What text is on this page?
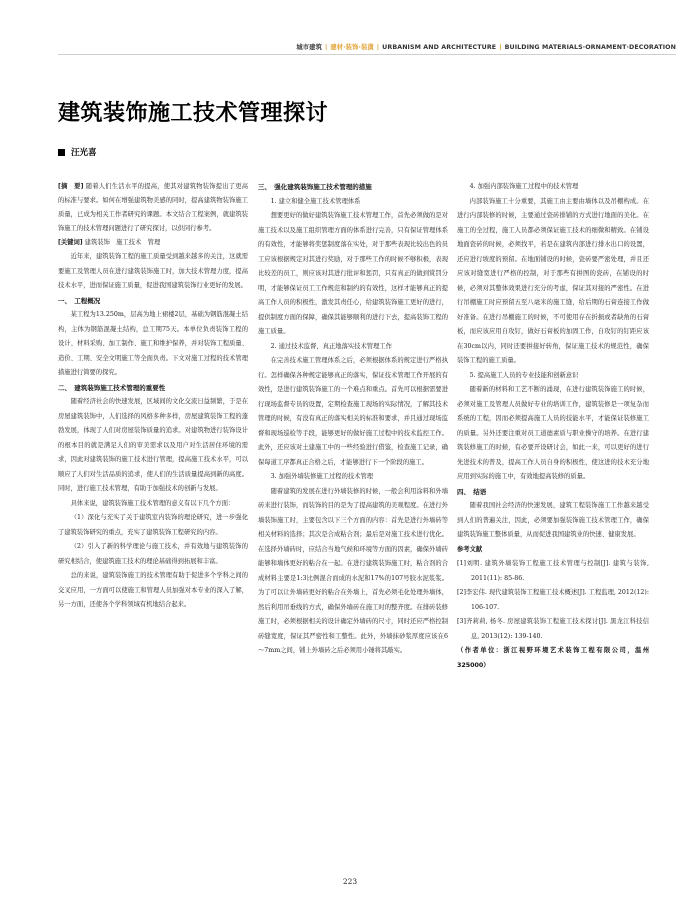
城市建筑 | 建材·装饰·装潢 | URBANISM AND ARCHITECTURE | BUILDING MATERIALS·ORNAMENT·DECORATION
建筑装饰施工技术管理探讨
汪光喜

[摘　要] 随着人们生活水平的提高，使其对建筑物装饰提出了更高的标准与要求。如何在增强建筑物美感的同时，提高建筑物装饰施工质量，已成为相关工作者研究的课题。本文结合工程案例，就建筑装饰施工的技术管理问题进行了研究探讨，以供同行参考。

[关键词] 建筑装饰　施工技术　管理

近年来，建筑装饰工程的施工质量受到越来越多的关注，这就需要施工及管理人员在进行建筑装饰施工时，加大技术管理力度，提高技术水平，进而保证施工质量，促进我国建筑装饰行业更好的发展。

一、　工程概况

某工程为13.250m，层高为地上裙楼2层，基础为钢筋混凝土结构，主体为钢筋混凝土结构，总工期75天。本单位负责装饰工程的设计、材料采购、加工制作、施工和维护保养，并对装饰工程质量、造价、工期、安全文明施工等全面负责。下文对施工过程的技术管理措施进行简要的探究。

二、　建筑装饰施工技术管理的重要性

随着经济社会的快速发展，区域间的文化交流日益频繁，于是在房屋建筑装饰中，人们选择的风格多种多样，房屋建筑装饰工程的蓬勃发展，体现了人们对房屋装饰质量的追求。对建筑物进行装饰设计的根本目的就是满足人们的审美需求以及用户对生活居住环境的需求，因此对建筑装饰的施工技术进行管理，提高施工技术水平，可以顺应了人们对生活品质的追求，使人们的生活质量提高到新的高度。同时，进行施工技术管理，有助于加强技术的创新与发展。

具体来说，建筑装饰施工技术管理的意义有以下几个方面：

（1）深化与充实了关于建筑室内装饰的理论研究，进一步强化了建筑装饰研究的重点，充实了建筑装饰工程研究的内容。

（2）引入了新的科学理论与施工技术，并有效地与建筑装饰的研究相结合，使建筑施工技术的理论基础得到拓展和丰富。

总的来说，建筑装饰施工的技术管理有助于促进多个学科之间的交叉应用，一方面可以使施工和管理人员加强对本专业的深入了解，另一方面，还使各个学科领域有机地结合起来。

三、　强化建筑装饰施工技术管理的措施

1. 建立和健全施工技术管理体系

想要更好的做好建筑装饰施工技术管理工作，首先必须做的是对施工技术以及施工组织管理方面的体系进行完善，只有保证管理体系的有效性，才能够将奖惩制度落在实处，对于那些表现比较出色的员工应该根据规定对其进行奖励，对于那些工作的时候不够积极，表现比较差的员工，则应该对其进行批评和惩罚，只有真正的做到赏罚分明，才能够保证员工工作规范和制约的有效性，这样才能够真正的提高工作人员的积极性，激发其责任心，给建筑装饰施工更好的进行，提供制度方面的保障，确保其能够顺利的进行下去，提高装饰工程的施工质量。

2. 通过技术监督，真正地落实技术管理工作

在完善技术施工管理体系之后，必须根据体系的规定进行严格执行。怎样确保各种规定能够真正的落实，保证技术管理工作开展的有效性，是进行建筑装饰施工的一个难点和重点。首先可以根据需要进行现场监督专员的设置，定期检查施工现场的实际情况，了解其技术管理的时候，有没有真正的落实相关的标准和要求，并且通过现场监督和现场巡检等手段，能够更好的做好施工过程中的技术监控工作。此外，还应该对土建施工中的一些经验进行借鉴，检查施工记录，确保每道工序都真正合格之后，才能够进行下一个阶段的施工。

3. 加强外墙装修施工过程的技术管理

随着建筑的发展在进行外墙装修的时候，一般会利用涂料和外墙砖来进行装饰，而装饰的目的是为了提高建筑的美观程度。在进行外墙装饰施工时，主要包含以下三个方面的内容：首先是进行外墙砖等相关材料的选择；其次是合成粘合剂；最后是对施工技术进行优化。在选择外墙砖时，应结合当地气候和环境等方面的因素，确保外墙砖能够和墙体更好的粘合在一起。在进行建筑装饰施工时，粘合剂的合成材料主要是1:3比例混合而成的水泥和17%的107号胶水泥浆浆。为了可以让外墙砖更好的粘合在外墙上，首先必须毛化处理外墙体，然后利用吊垂线的方式，确保外墙砖在施工时的整齐度。在排砖装修施工时，必须根据相关的设计确定外墙砖的尺寸，同时还应严格控制砖缝宽度，保证其严密性和工整性。此外，外墙抹砂浆厚度应该在6～7mm之间，铺上外墙砖之后必须用小锤将其敲实。

4. 加强内部装饰施工过程中的技术管理

内部装饰施工十分重要，其施工由主要由墙体以及吊棚构成。在进行内部装修的时候，主要通过瓷砖排铺的方式进行地面的美化。在施工的全过程，施工人员都必须保证施工技术的细微和精致。在铺设地面瓷砖的时候，必须找平，若是在建筑内部进行排水出口的设置，还应进行坡度的预留。在地面铺设的时候，瓷砖要严密处理，并且还应该对缝宽进行严格的控制，对于那些有拼图的瓷砖，在铺设的时候，必须对其整体效果进行充分的考虑，保证其对接的严密性。在进行吊棚施工时应预留五至八毫米的施工缝，给后期的石膏连接工作做好准备。在进行吊棚施工的时候，不可使用存在折损或者缺角的石膏板，而应该应用自攻钉，做好石膏板的加固工作，自攻钉的钉距应该在30cm以内，同时还要拼接好转角，保证施工技术的规范性，确保装饰工程的施工质量。

5. 提高施工人员的专业技能和创新意识

随着新的材料和工艺不断的涌现，在进行建筑装饰施工的时候，必须对施工及管理人员做好专业的培训工作，建筑装修是一项复杂而系统的工程，因而必须提高施工人员的技能水平，才能保证装修施工的质量。另外还要注重对员工道德素质与职业操守的培养。在进行建筑装修施工的时候，有必要开设研讨会，如此一来，可以更好的进行先进技术的普及，提高工作人员自身的积极性，使这进的技术充分地应用到实际的施工中，有效地提高装修的质量。

四、　结语

随着我国社会经济的快速发展，建筑工程装饰施工工作越来越受到人们的普遍关注，因此，必须要加强装饰施工技术管理工作，确保建筑装饰施工整体质量，从而促进我国建筑业的快速、健康发展。

参考文献

[1]刘明. 建筑外墙装饰工程施工技术管理与控制[J]. 建筑与装饰, 2011(11): 85-86.

[2]李宏伟. 现代建筑装饰工程施工技术概述[J]. 工程监理, 2012(12): 106-107.

[3]齐莉莉, 杨冬. 房屋建筑装饰工程施工技术探讨[J]. 黑龙江科技信息, 2013(12): 139-140.

（作者单位：浙江视野环境艺术装饰工程有限公司，温州　325000）

223
